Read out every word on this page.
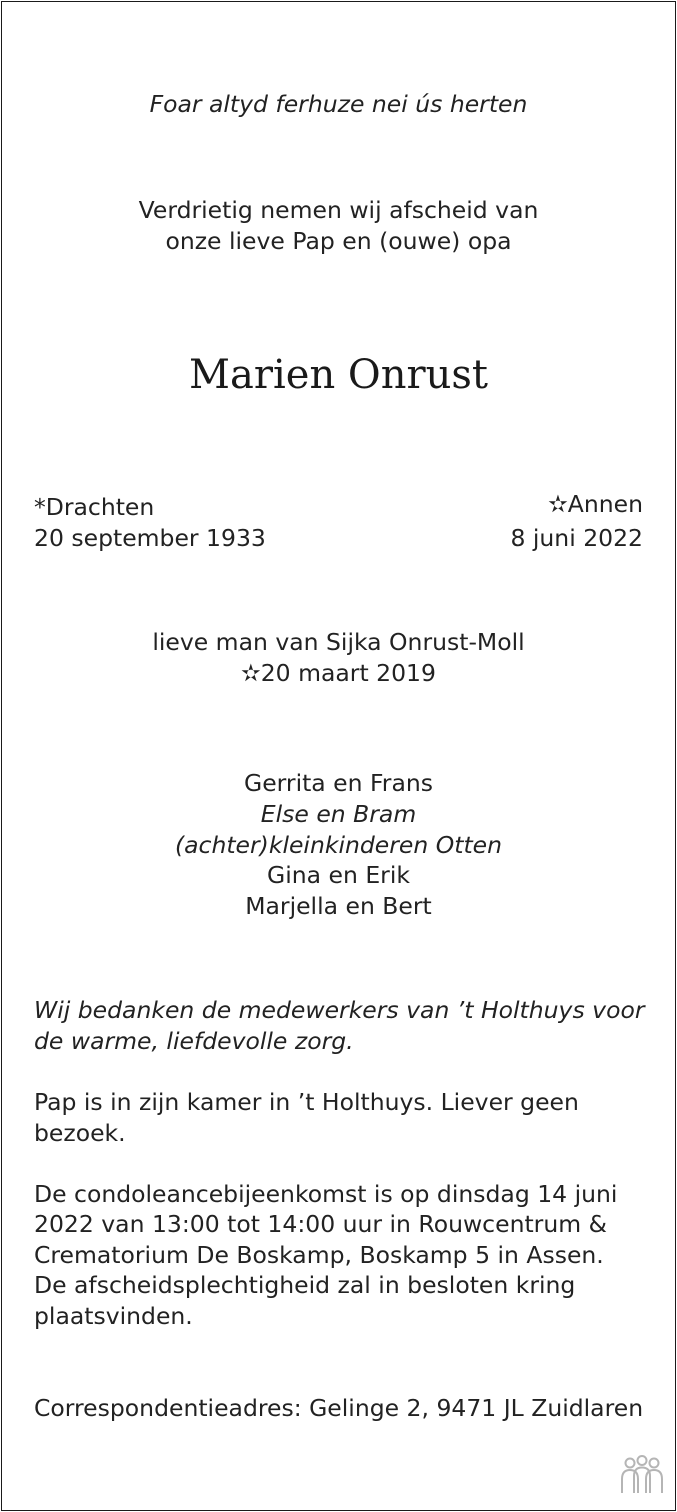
Foar altyd ferhuze nei ús herten
Verdrietig nemen wij afscheid van
onze lieve Pap en (ouwe) opa
Marien Onrust
*Drachten
20 september 1933
✫Annen
8 juni 2022
lieve man van Sijka Onrust-Moll
✫20 maart 2019
Gerrita en Frans
Else en Bram
(achter)kleinkinderen Otten
Gina en Erik
Marjella en Bert
Wij bedanken de medewerkers van ’t Holthuys voor
de warme, liefdevolle zorg.
Pap is in zijn kamer in ’t Holthuys. Liever geen
bezoek.
De condoleancebijeenkomst is op dinsdag 14 juni
2022 van 13:00 tot 14:00 uur in Rouwcentrum &
Crematorium De Boskamp, Boskamp 5 in Assen.
De afscheidsplechtigheid zal in besloten kring
plaatsvinden.
Correspondentieadres: Gelinge 2, 9471 JL Zuidlaren
